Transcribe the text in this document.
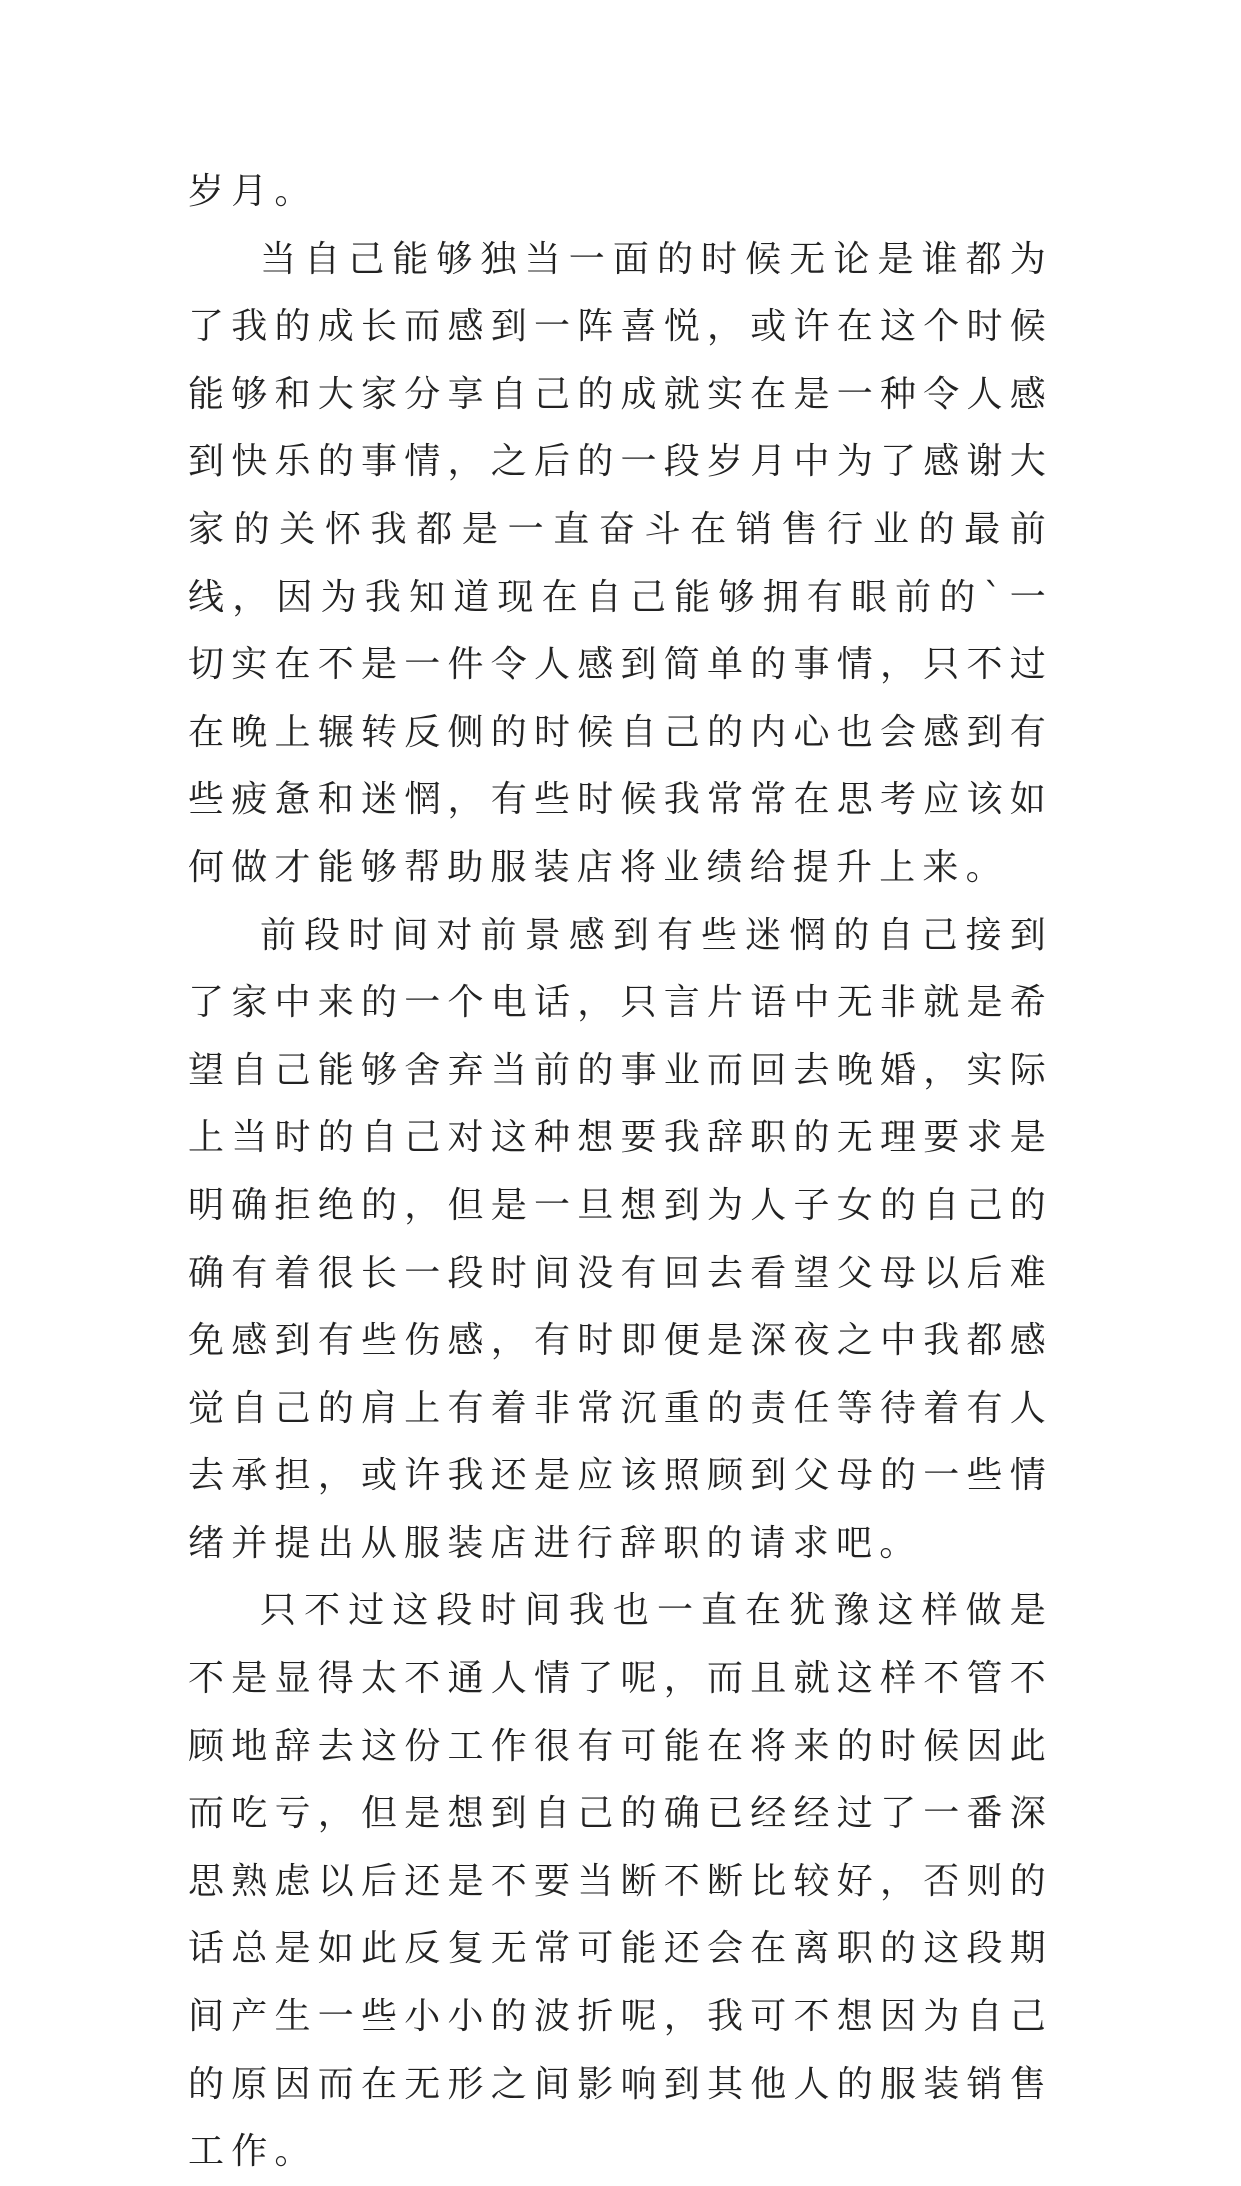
岁月。

当自己能够独当一面的时候无论是谁都为了我的成长而感到一阵喜悦，或许在这个时候能够和大家分享自己的成就实在是一种令人感到快乐的事情，之后的一段岁月中为了感谢大家的关怀我都是一直奋斗在销售行业的最前线，因为我知道现在自己能够拥有眼前的`一切实在不是一件令人感到简单的事情，只不过在晚上辗转反侧的时候自己的内心也会感到有些疲惫和迷惘，有些时候我常常在思考应该如何做才能够帮助服装店将业绩给提升上来。

前段时间对前景感到有些迷惘的自己接到了家中来的一个电话，只言片语中无非就是希望自己能够舍弃当前的事业而回去晚婚，实际上当时的自己对这种想要我辞职的无理要求是明确拒绝的，但是一旦想到为人子女的自己的确有着很长一段时间没有回去看望父母以后难免感到有些伤感，有时即便是深夜之中我都感觉自己的肩上有着非常沉重的责任等待着有人去承担，或许我还是应该照顾到父母的一些情绪并提出从服装店进行辞职的请求吧。

只不过这段时间我也一直在犹豫这样做是不是显得太不通人情了呢，而且就这样不管不顾地辞去这份工作很有可能在将来的时候因此而吃亏，但是想到自己的确已经经过了一番深思熟虑以后还是不要当断不断比较好，否则的话总是如此反复无常可能还会在离职的这段期间产生一些小小的波折呢，我可不想因为自己的原因而在无形之间影响到其他人的服装销售工作。
